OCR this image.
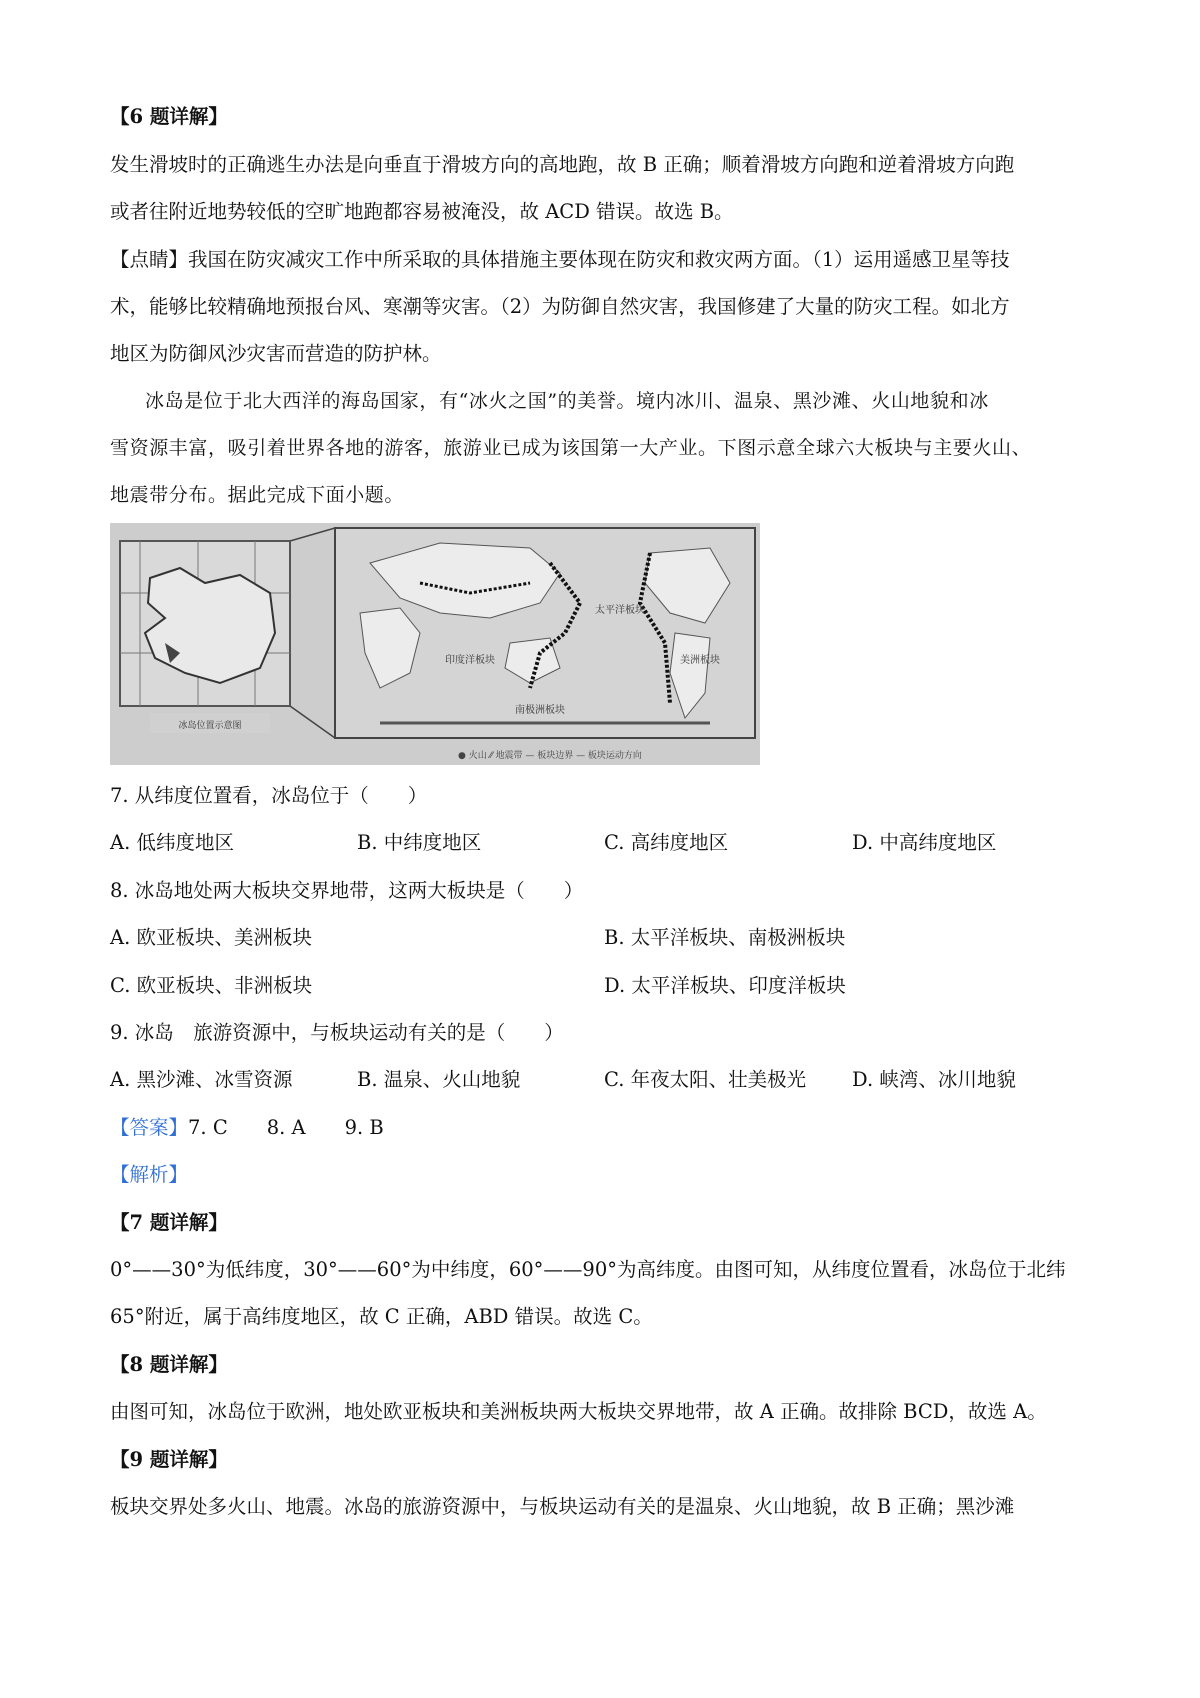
【6 题详解】
发生滑坡时的正确逃生办法是向垂直于滑坡方向的高地跑，故 B 正确；顺着滑坡方向跑和逆着滑坡方向跑
或者往附近地势较低的空旷地跑都容易被淹没，故 ACD 错误。故选 B。
【点睛】我国在防灾减灾工作中所采取的具体措施主要体现在防灾和救灾两方面。（1）运用遥感卫星等技
术，能够比较精确地预报台风、寒潮等灾害。（2）为防御自然灾害，我国修建了大量的防灾工程。如北方
地区为防御风沙灾害而营造的防护林。
冰岛是位于北大西洋的海岛国家，有“冰火之国”的美誉。境内冰川、温泉、黑沙滩、火山地貌和冰
雪资源丰富，吸引着世界各地的游客，旅游业已成为该国第一大产业。下图示意全球六大板块与主要火山、
地震带分布。据此完成下面小题。
冰岛位置示意图
太平洋板块
印度洋板块	美洲板块
南极洲板块
● 火山 ⁄⁄ 地震带 — 板块边界 — 板块运动方向
7. 从纬度位置看，冰岛位于（　　）
A. 低纬度地区	B. 中纬度地区	C. 高纬度地区	D. 中高纬度地区
8. 冰岛地处两大板块交界地带，这两大板块是（　　）
A. 欧亚板块、美洲板块	B. 太平洋板块、南极洲板块
C. 欧亚板块、非洲板块	D. 太平洋板块、印度洋板块
9. 冰岛　旅游资源中，与板块运动有关的是（　　）
A. 黑沙滩、冰雪资源	B. 温泉、火山地貌	C. 年夜太阳、壮美极光 D. 峡湾、冰川地貌
【答案】7. C　　8. A　　9. B
【解析】
【7 题详解】
0°——30°为低纬度，30°——60°为中纬度，60°——90°为高纬度。由图可知，从纬度位置看，冰岛位于北纬
65°附近，属于高纬度地区，故 C 正确，ABD 错误。故选 C。
【8 题详解】
由图可知，冰岛位于欧洲，地处欧亚板块和美洲板块两大板块交界地带，故 A 正确。故排除 BCD，故选 A。
【9 题详解】
板块交界处多火山、地震。冰岛的旅游资源中，与板块运动有关的是温泉、火山地貌，故 B 正确；黑沙滩
